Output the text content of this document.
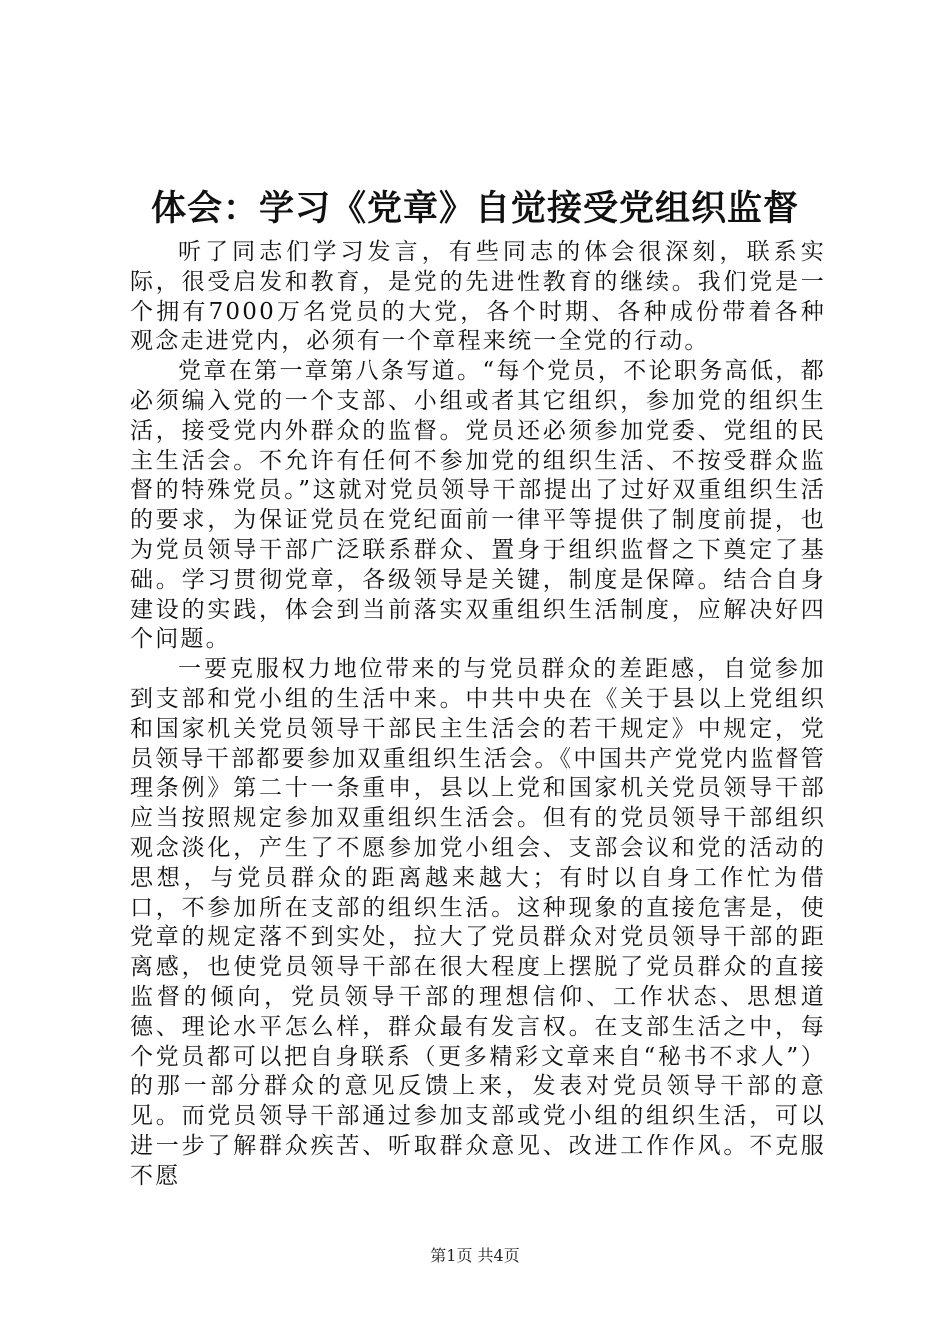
体会：学习《党章》自觉接受党组织监督

听了同志们学习发言，有些同志的体会很深刻，联系实际，很受启发和教育，是党的先进性教育的继续。我们党是一个拥有7000万名党员的大党，各个时期、各种成份带着各种观念走进党内，必须有一个章程来统一全党的行动。

党章在第一章第八条写道。“每个党员，不论职务高低，都必须编入党的一个支部、小组或者其它组织，参加党的组织生活，接受党内外群众的监督。党员还必须参加党委、党组的民主生活会。不允许有任何不参加党的组织生活、不按受群众监督的特殊党员。”这就对党员领导干部提出了过好双重组织生活的要求，为保证党员在党纪面前一律平等提供了制度前提，也为党员领导干部广泛联系群众、置身于组织监督之下奠定了基础。学习贯彻党章，各级领导是关键，制度是保障。结合自身建设的实践，体会到当前落实双重组织生活制度，应解决好四个问题。

一要克服权力地位带来的与党员群众的差距感，自觉参加到支部和党小组的生活中来。中共中央在《关于县以上党组织和国家机关党员领导干部民主生活会的若干规定》中规定，党员领导干部都要参加双重组织生活会。《中国共产党党内监督管理条例》第二十一条重申，县以上党和国家机关党员领导干部应当按照规定参加双重组织生活会。但有的党员领导干部组织观念淡化，产生了不愿参加党小组会、支部会议和党的活动的思想，与党员群众的距离越来越大；有时以自身工作忙为借口，不参加所在支部的组织生活。这种现象的直接危害是，使党章的规定落不到实处，拉大了党员群众对党员领导干部的距离感，也使党员领导干部在很大程度上摆脱了党员群众的直接监督的倾向，党员领导干部的理想信仰、工作状态、思想道德、理论水平怎么样，群众最有发言权。在支部生活之中，每个党员都可以把自身联系（更多精彩文章来自“秘书不求人”）的那一部分群众的意见反馈上来，发表对党员领导干部的意见。而党员领导干部通过参加支部或党小组的组织生活，可以进一步了解群众疾苦、听取群众意见、改进工作作风。不克服不愿

第1页 共4页
